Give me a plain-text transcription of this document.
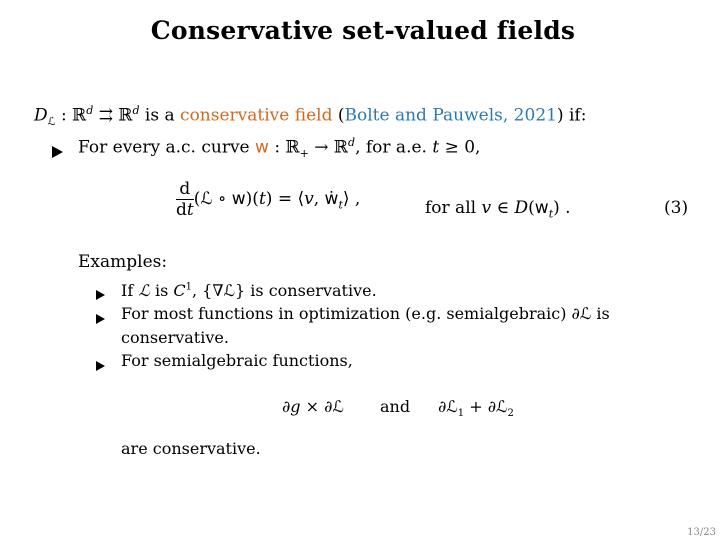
Conservative set-valued fields
$D_ℒ$ : ℝ$^d$ ⇉ ℝ$^d$ is a conservative field (Bolte and Pauwels, 2021) if:
For every a.c. curve w : ℝ$_+$ → ℝ$^d$, for a.e. t ≥ 0,
$\frac{d}{dt}$ (ℒ ∘ w)(t) = ⟨v, ẇ$_t$⟩ ,	for all v ∈ $D(w_t)$ .	(3)
Examples:
If ℒ is $C^1$, {∇ℒ} is conservative.
For most functions in optimization (e.g. semialgebraic) ∂ℒ is
conservative.
For semialgebraic functions,
∂g × ∂ℒ and ∂ℒ$_1$ + ∂ℒ$_2$
are conservative.
13/23
